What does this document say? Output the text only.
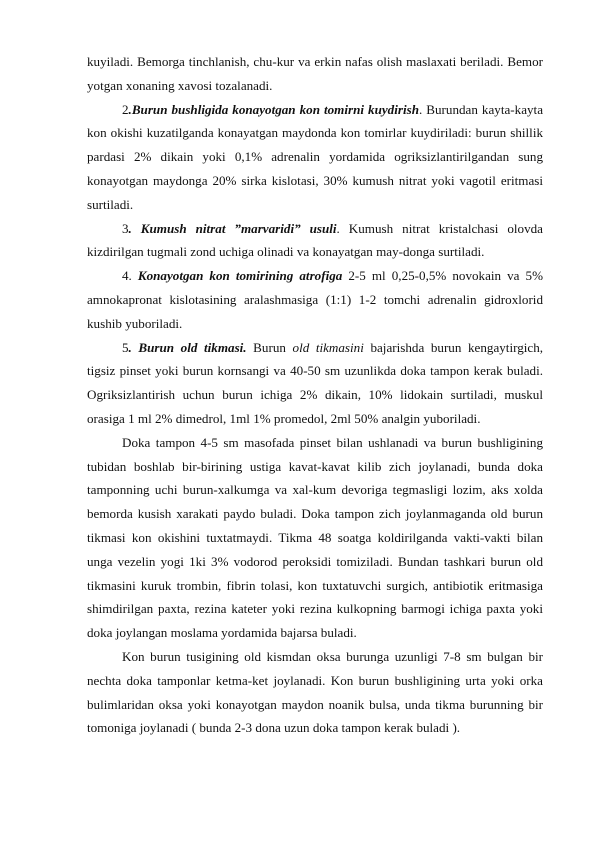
kuyiladi. Bemorga tinchlanish, chu-kur va erkin nafas olish maslaxati beriladi. Bemor yotgan xonaning xavosi tozalanadi.

2.Burun bushligida konayotgan kon tomirni kuydirish. Burundan kayta-kayta kon okishi kuzatilganda konayatgan maydonda kon tomirlar kuydiriladi: burun shillik pardasi 2% dikain yoki 0,1% adrenalin yordamida ogriksizlantirilgandan sung konayotgan maydonga 20% sirka kislotasi, 30% kumush nitrat yoki vagotil eritmasi surtiladi.

3. Kumush nitrat ”marvaridi” usuli. Kumush nitrat kristalchasi olovda kizdirilgan tugmali zond uchiga olinadi va konayatgan may-donga surtiladi.

4. Konayotgan kon tomirining atrofiga 2-5 ml 0,25-0,5% novokain va 5% amnokapronat kislotasining aralashmasiga (1:1) 1-2 tomchi adrenalin gidroxlorid kushib yuboriladi.

5. Burun old tikmasi. Burun old tikmasini bajarishda burun kengaytirgich, tigsiz pinset yoki burun kornsangi va 40-50 sm uzunlikda doka tampon kerak buladi. Ogriksizlantirish uchun burun ichiga 2% dikain, 10% lidokain surtiladi, muskul orasiga 1 ml 2% dimedrol, 1ml 1% promedol, 2ml 50% analgin yuboriladi.

Doka tampon 4-5 sm masofada pinset bilan ushlanadi va burun bushligining tubidan boshlab bir-birining ustiga kavat-kavat kilib zich joylanadi, bunda doka tamponning uchi burun-xalkumga va xal-kum devoriga tegmasligi lozim, aks xolda bemorda kusish xarakati paydo buladi. Doka tampon zich joylanmaganda old burun tikmasi kon okishini tuxtatmaydi. Tikma 48 soatga koldirilganda vakti-vakti bilan unga vezelin yogi 1ki 3% vodorod peroksidi tomiziladi. Bundan tashkari burun old tikmasini kuruk trombin, fibrin tolasi, kon tuxtatuvchi surgich, antibiotik eritmasiga shimdirilgan paxta, rezina kateter yoki rezina kulkopning barmogi ichiga paxta yoki doka joylangan moslama yordamida bajarsa buladi.

Kon burun tusigining old kismdan oksa burunga uzunligi 7-8 sm bulgan bir nechta doka tamponlar ketma-ket joylanadi. Kon burun bushligining urta yoki orka bulimlaridan oksa yoki konayotgan maydon noanik bulsa, unda tikma burunning bir tomoniga joylanadi ( bunda 2-3 dona uzun doka tampon kerak buladi ).
